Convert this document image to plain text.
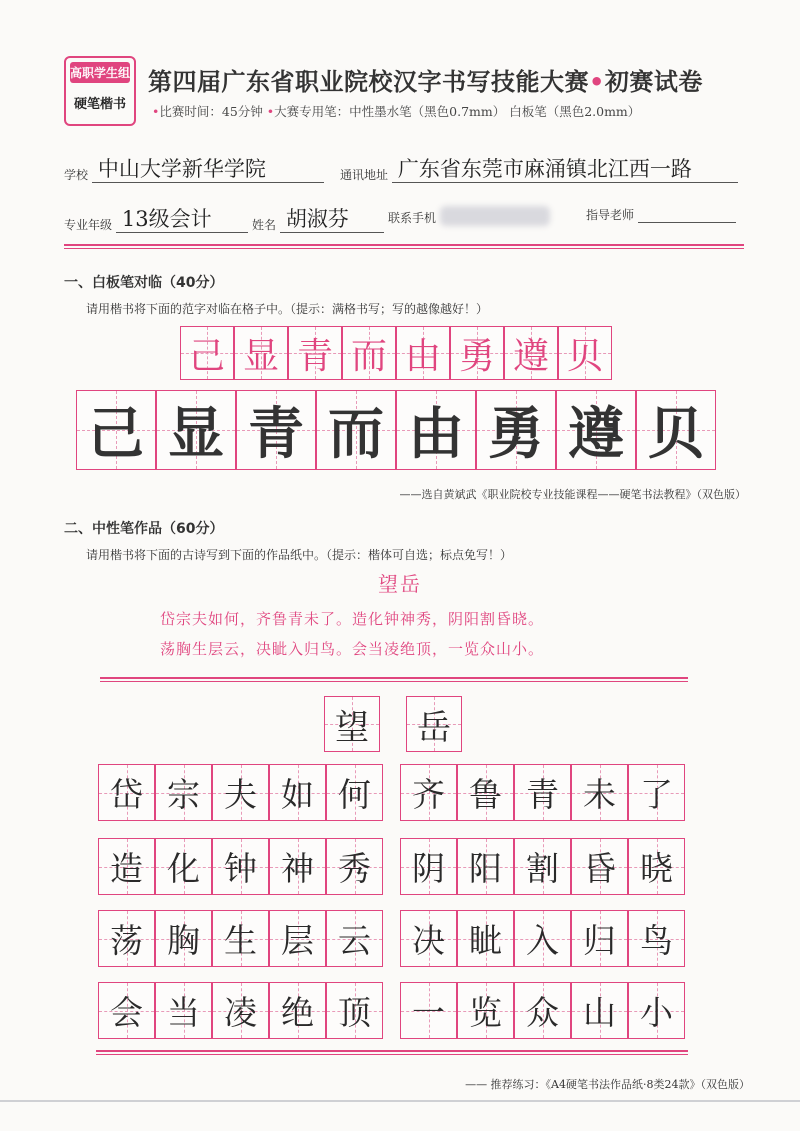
高职学生组
硬笔楷书
第四届广东省职业院校汉字书写技能大赛•初赛试卷
•比赛时间：45分钟 •大赛专用笔：中性墨水笔（黑色0.7mm） 白板笔（黑色2.0mm）
学校 中山大学新华学院	通讯地址 广东省东莞市麻涌镇北江西一路
专业年级 13级会计	姓名 胡淑芬	联系手机	指导老师
一、白板笔对临（40分）
请用楷书将下面的范字对临在格子中。（提示：满格书写；写的越像越好！）
己 显 青 而 由 勇 遵 贝
己 显 青 而 由 勇 遵 贝
——选自黄斌武《职业院校专业技能课程——硬笔书法教程》（双色版）
二、中性笔作品（60分）
请用楷书将下面的古诗写到下面的作品纸中。（提示：楷体可自选；标点免写！）
望岳
岱宗夫如何，齐鲁青未了。造化钟神秀，阴阳割昏晓。
荡胸生层云，决眦入归鸟。会当凌绝顶，一览众山小。
望 岳
岱 宗 夫 如 何	齐 鲁 青 未 了
造 化 钟 神 秀	阴 阳 割 昏 晓
荡 胸 生 层 云	决 眦 入 归 鸟
会 当 凌 绝 顶	一 览 众 山 小
—— 推荐练习：《A4硬笔书法作品纸·8类24款》（双色版）
